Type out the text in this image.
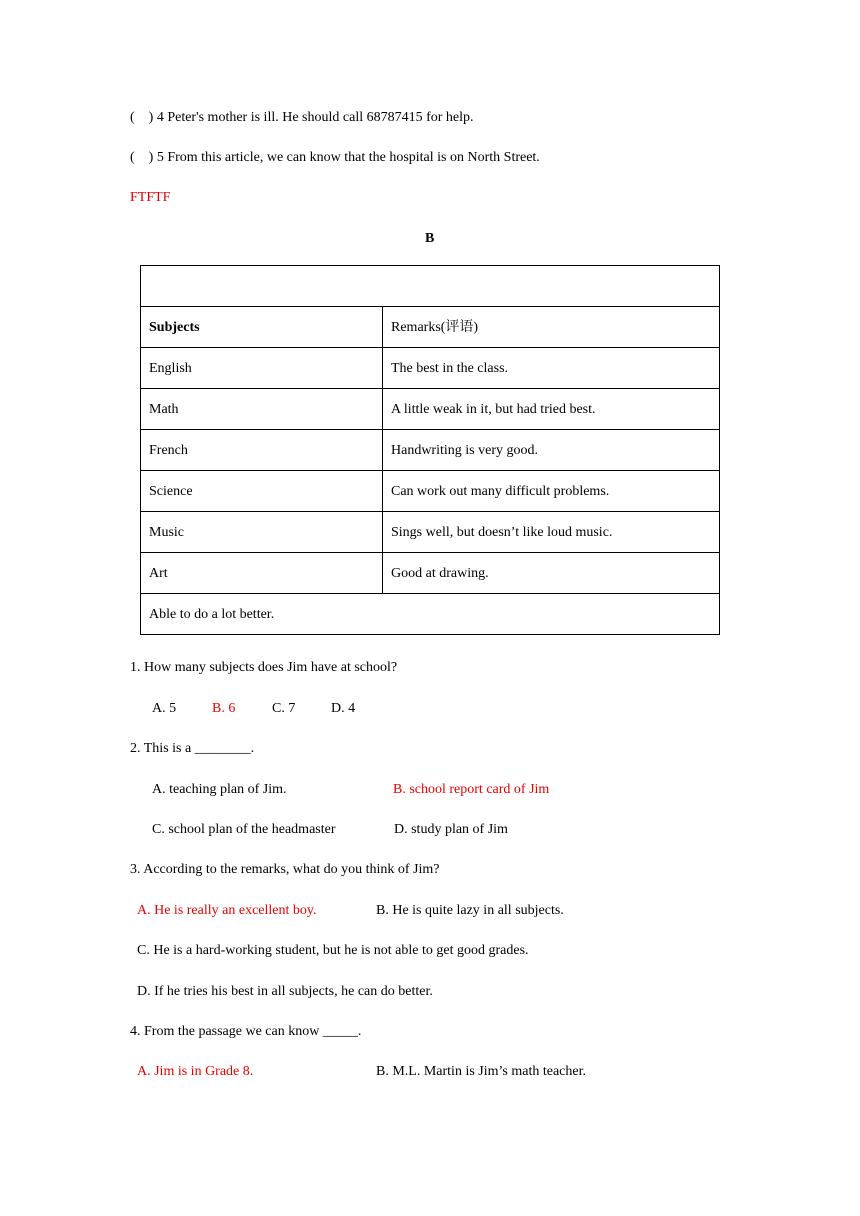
(    ) 4 Peter's mother is ill. He should call 68787415 for help.
(    ) 5 From this article, we can know that the hospital is on North Street.
FTFTF
B

Subjects	Remarks(评语)

English	The best in the class.

Math	A little weak in it, but had tried best.

French	Handwriting is very good.

Science	Can work out many difficult problems.

Music	Sings well, but doesn’t like loud music.

Art	Good at drawing.

Able to do a lot better.	
1. How many subjects does Jim have at school?
A. 5	B. 6	C. 7	D. 4
2. This is a ________.
A. teaching plan of Jim.	B. school report card of Jim
C. school plan of the headmaster	D. study plan of Jim
3. According to the remarks, what do you think of Jim?
A. He is really an excellent boy.	B. He is quite lazy in all subjects.
C. He is a hard-working student, but he is not able to get good grades.
D. If he tries his best in all subjects, he can do better.
4. From the passage we can know _____.
A. Jim is in Grade 8.	B. M.L. Martin is Jim’s math teacher.
